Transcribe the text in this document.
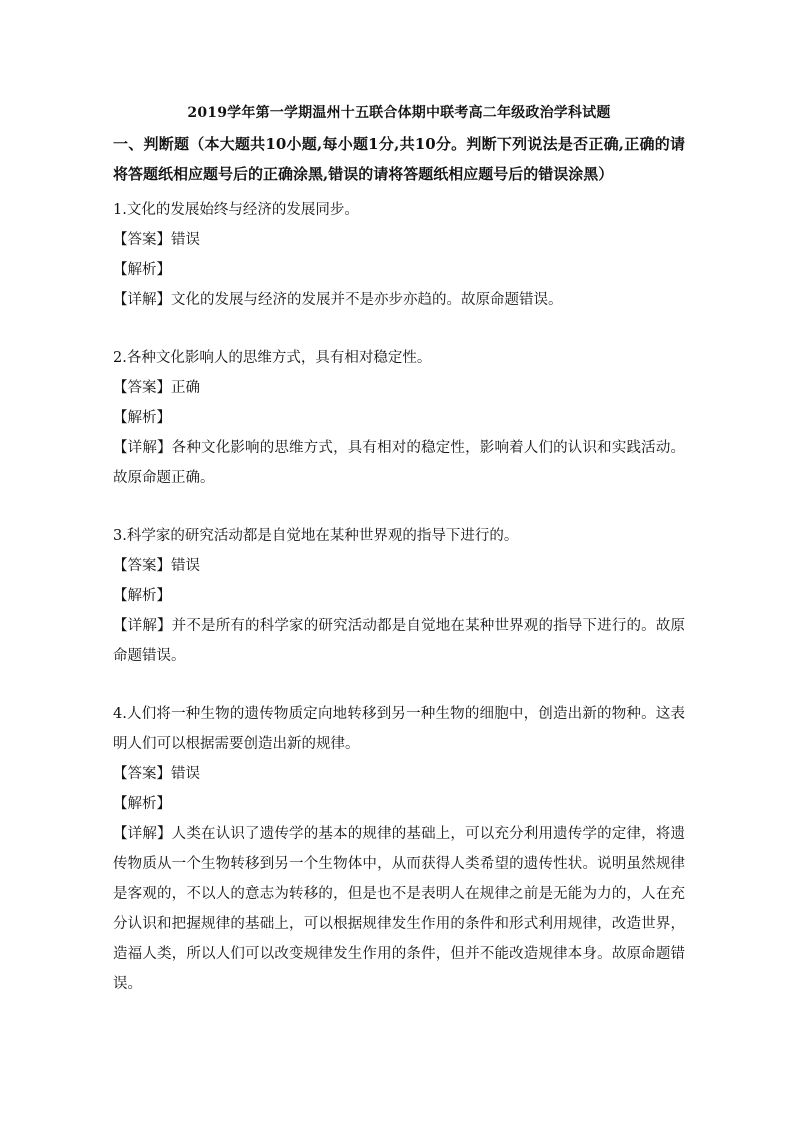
2019学年第一学期温州十五联合体期中联考高二年级政治学科试题
一、判断题（本大题共10小题,每小题1分,共10分。判断下列说法是否正确,正确的请将答题纸相应题号后的正确涂黑,错误的请将答题纸相应题号后的错误涂黑）

1.文化的发展始终与经济的发展同步。

【答案】错误

【解析】

【详解】文化的发展与经济的发展并不是亦步亦趋的。故原命题错误。

2.各种文化影响人的思维方式，具有相对稳定性。

【答案】正确

【解析】

【详解】各种文化影响的思维方式，具有相对的稳定性，影响着人们的认识和实践活动。故原命题正确。

3.科学家的研究活动都是自觉地在某种世界观的指导下进行的。

【答案】错误

【解析】

【详解】并不是所有的科学家的研究活动都是自觉地在某种世界观的指导下进行的。故原命题错误。

4.人们将一种生物的遗传物质定向地转移到另一种生物的细胞中，创造出新的物种。这表明人们可以根据需要创造出新的规律。

【答案】错误

【解析】

【详解】人类在认识了遗传学的基本的规律的基础上，可以充分利用遗传学的定律，将遗传物质从一个生物转移到另一个生物体中，从而获得人类希望的遗传性状。说明虽然规律是客观的，不以人的意志为转移的，但是也不是表明人在规律之前是无能为力的，人在充分认识和把握规律的基础上，可以根据规律发生作用的条件和形式利用规律，改造世界，造福人类，所以人们可以改变规律发生作用的条件，但并不能改造规律本身。故原命题错误。
